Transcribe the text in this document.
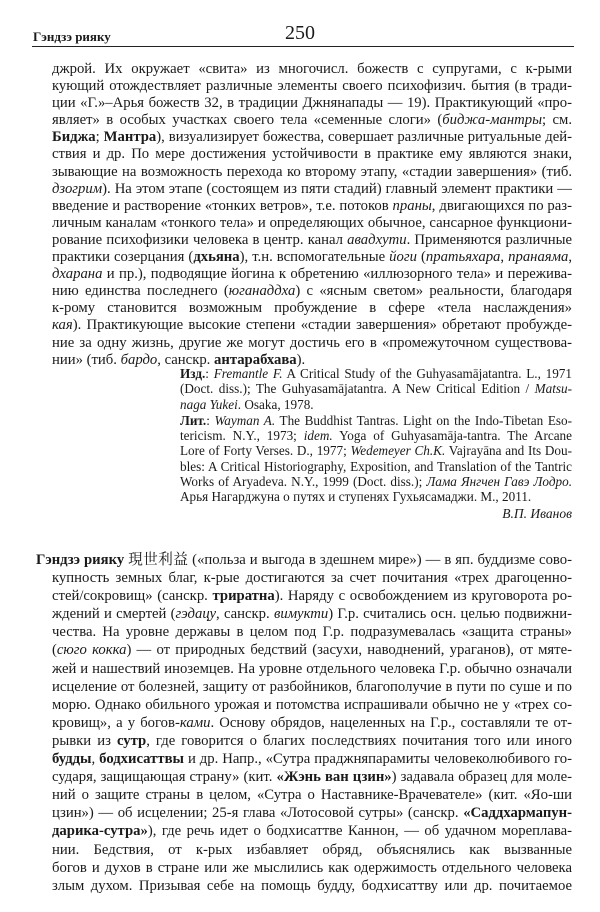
Гэндзэ рияку	250
джрой. Их окружает «свита» из многочисл. божеств с супругами, с к-рыми
кующий отождествляет различные элементы своего психофизич. бытия (в тради-
ции «Г.»–Арья божеств 32, в традиции Джнянапады — 19). Практикующий «про-
являет» в особых участках своего тела «семенные слоги» (биджа-мантры; см.
Биджа; Мантра), визуализирует божества, совершает различные ритуальные дей-
ствия и др. По мере достижения устойчивости в практике ему являются знаки,
зывающие на возможность перехода ко второму этапу, «стадии завершения» (тиб.
дзогрим). На этом этапе (состоящем из пяти стадий) главный элемент практики —
введение и растворение «тонких ветров», т.е. потоков праны, двигающихся по раз-
личным каналам «тонкого тела» и определяющих обычное, сансарное функциони-
рование психофизики человека в центр. канал авадхути. Применяются различные
практики созерцания (дхьяна), т.н. вспомогательные йоги (пратьяхара, пранаяма,
дхарана и пр.), подводящие йогина к обретению «иллюзорного тела» и пережива-
нию единства последнего (юганаддха) с «ясным светом» реальности, благодаря
к-рому становится возможным пробуждение в сфере «тела наслаждения»
кая). Практикующие высокие степени «стадии завершения» обретают пробужде-
ние за одну жизнь, другие же могут достичь его в «промежуточном существова-
нии» (тиб. бардо, санскр. антарабхава).
Изд.: Fremantle F. A Critical Study of the Guhyasamājatantra. L., 1971
(Doct. diss.); The Guhyasamājatantra. A New Critical Edition / Matsu-
naga Yukei. Osaka, 1978.
Лит.: Wayman A. The Buddhist Tantras. Light on the Indo-Tibetan Eso-
tericism. N.Y., 1973; idem. Yoga of Guhyasamāja-tantra. The Arcane
Lore of Forty Verses. D., 1977; Wedemeyer Ch.K. Vajrayāna and Its Dou-
bles: A Critical Historiography, Exposition, and Translation of the Tantric
Works of Aryadeva. N.Y., 1999 (Doct. diss.); Лама Янгчен Гавэ Лодро.
Арья Нагарджуна о путях и ступенях Гухьясамаджи. М., 2011.
В.П. Иванов
Гэндзэ рияку 現世利益 («польза и выгода в здешнем мире») — в яп. буддизме сово-
купность земных благ, к-рые достигаются за счет почитания «трех драгоценно-
стей/сокровищ» (санскр. триратна). Наряду с освобождением из круговорота ро-
ждений и смертей (гэдацу, санскр. вимукти) Г.р. считались осн. целью подвижни-
чества. На уровне державы в целом под Г.р. подразумевалась «защита страны»
(сюго кокка) — от природных бедствий (засухи, наводнений, ураганов), от мяте-
жей и нашествий иноземцев. На уровне отдельного человека Г.р. обычно означали
исцеление от болезней, защиту от разбойников, благополучие в пути по суше и по
морю. Однако обильного урожая и потомства испрашивали обычно не у «трех со-
кровищ», а у богов-ками. Основу обрядов, нацеленных на Г.р., составляли те от-
рывки из сутр, где говорится о благих последствиях почитания того или иного
будды, бодхисаттвы и др. Напр., «Сутра праджняпарамиты человеколюбивого го-
сударя, защищающая страну» (кит. «Жэнь ван цзин») задавала образец для моле-
ний о защите страны в целом, «Сутра о Наставнике-Врачевателе» (кит. «Яо-ши
цзин») — об исцелении; 25-я глава «Лотосовой сутры» (санскр. «Саддхармапун-
дарика-сутра»), где речь идет о бодхисаттве Каннон, — об удачном мореплава-
нии. Бедствия, от к-рых избавляет обряд, объяснялись как вызванные
богов и духов в стране или же мыслились как одержимость отдельного человека
злым духом. Призывая себе на помощь будду, бодхисаттву или др. почитаемое
